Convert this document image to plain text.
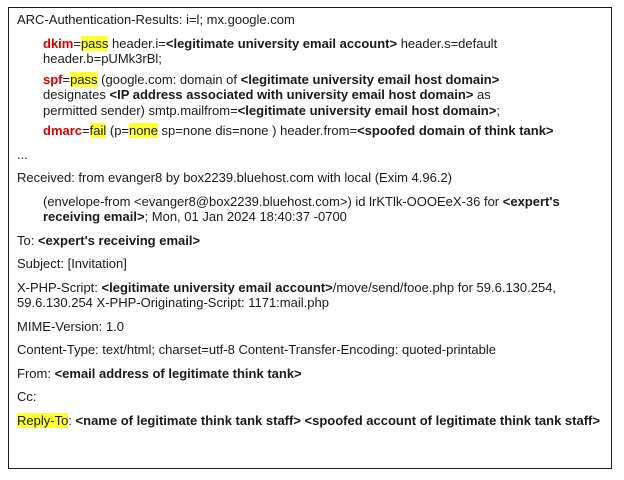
ARC-Authentication-Results: i=l; mx.google.com
dkim=pass header.i=<legitimate university email account> header.s=default
header.b=pUMk3rBl;
spf=pass (google.com: domain of <legitimate university email host domain>
designates <IP address associated with university email host domain> as
permitted sender) smtp.mailfrom=<legitimate university email host domain>;
dmarc=fail (p=none sp=none dis=none ) header.from=<spoofed domain of think tank>
...
Received: from evanger8 by box2239.bluehost.com with local (Exim 4.96.2)
(envelope-from <evanger8@box2239.bluehost.com>) id lrKTlk-OOOEeX-36 for <expert's
receiving email>; Mon, 01 Jan 2024 18:40:37 -0700
To: <expert's receiving email>
Subject: [Invitation]
X-PHP-Script: <legitimate university email account>/move/send/fooe.php for 59.6.130.254,
59.6.130.254 X-PHP-Originating-Script: 1171:mail.php
MIME-Version: 1.0
Content-Type: text/html; charset=utf-8 Content-Transfer-Encoding: quoted-printable
From: <email address of legitimate think tank>
Cc:
Reply-To: <name of legitimate think tank staff> <spoofed account of legitimate think tank staff>
